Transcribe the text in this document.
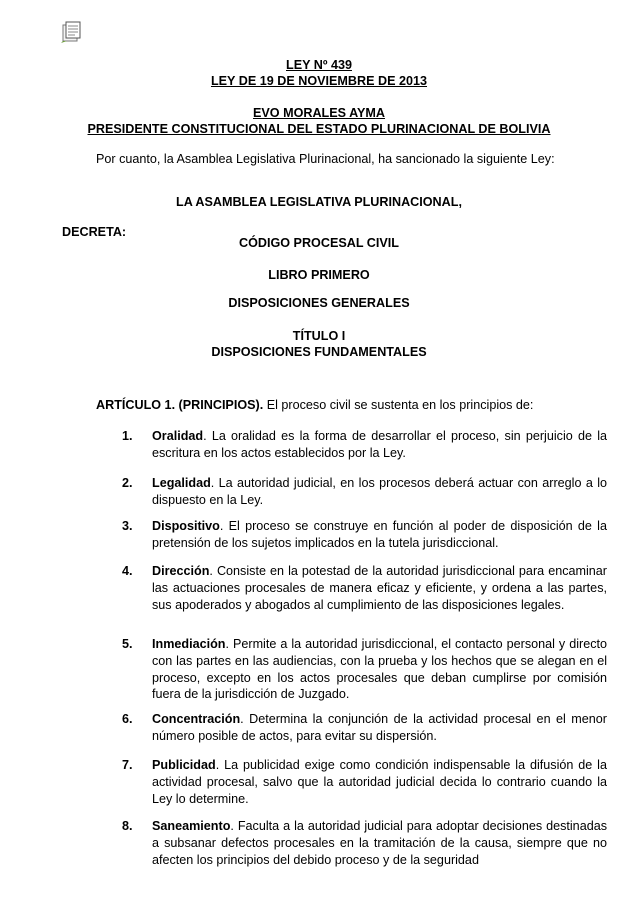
LEY Nº 439
LEY DE 19 DE NOVIEMBRE DE 2013
EVO MORALES AYMA
PRESIDENTE CONSTITUCIONAL DEL ESTADO PLURINACIONAL DE BOLIVIA
Por cuanto, la Asamblea Legislativa Plurinacional, ha sancionado la siguiente Ley:
LA ASAMBLEA LEGISLATIVA PLURINACIONAL,
DECRETA:
CÓDIGO PROCESAL CIVIL
LIBRO PRIMERO
DISPOSICIONES GENERALES
TÍTULO I
DISPOSICIONES FUNDAMENTALES
ARTÍCULO 1. (PRINCIPIOS). El proceso civil se sustenta en los principios de:
1. Oralidad. La oralidad es la forma de desarrollar el proceso, sin perjuicio de la escritura en los actos establecidos por la Ley.
2. Legalidad. La autoridad judicial, en los procesos deberá actuar con arreglo a lo dispuesto en la Ley.
3. Dispositivo. El proceso se construye en función al poder de disposición de la pretensión de los sujetos implicados en la tutela jurisdiccional.
4. Dirección. Consiste en la potestad de la autoridad jurisdiccional para encaminar las actuaciones procesales de manera eficaz y eficiente, y ordena a las partes, sus apoderados y abogados al cumplimiento de las disposiciones legales.
5. Inmediación. Permite a la autoridad jurisdiccional, el contacto personal y directo con las partes en las audiencias, con la prueba y los hechos que se alegan en el proceso, excepto en los actos procesales que deban cumplirse por comisión fuera de la jurisdicción de Juzgado.
6. Concentración. Determina la conjunción de la actividad procesal en el menor número posible de actos, para evitar su dispersión.
7. Publicidad. La publicidad exige como condición indispensable la difusión de la actividad procesal, salvo que la autoridad judicial decida lo contrario cuando la Ley lo determine.
8. Saneamiento. Faculta a la autoridad judicial para adoptar decisiones destinadas a subsanar defectos procesales en la tramitación de la causa, siempre que no afecten los principios del debido proceso y de la seguridad
